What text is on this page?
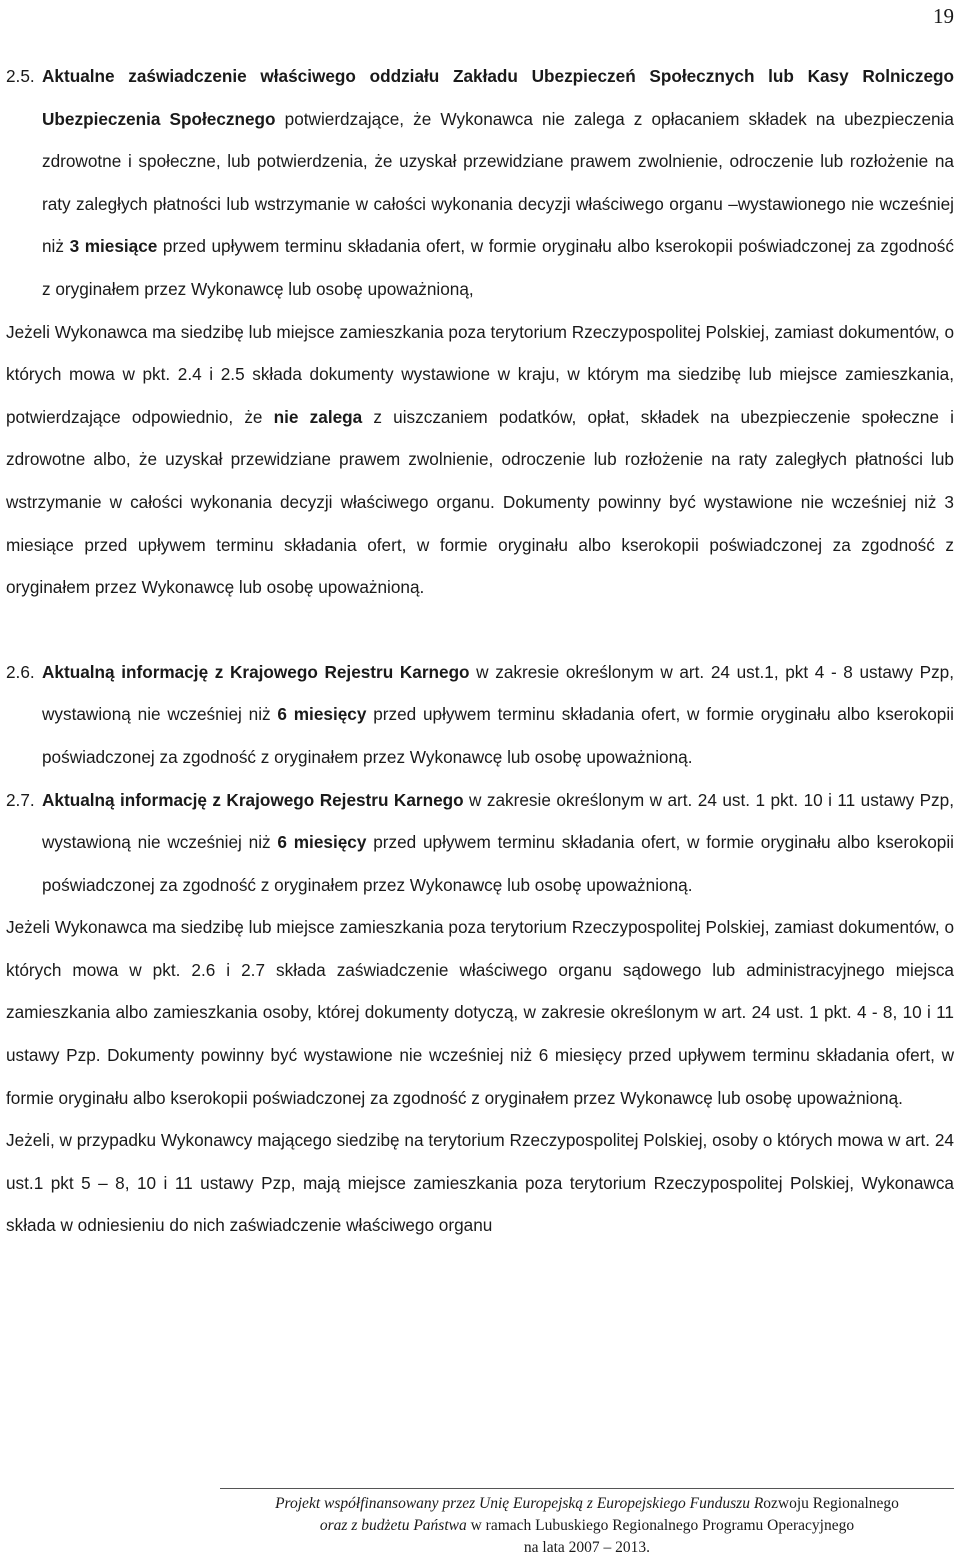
19
2.5. Aktualne zaświadczenie właściwego oddziału Zakładu Ubezpieczeń Społecznych lub Kasy Rolniczego Ubezpieczenia Społecznego potwierdzające, że Wykonawca nie zalega z opłacaniem składek na ubezpieczenia zdrowotne i społeczne, lub potwierdzenia, że uzyskał przewidziane prawem zwolnienie, odroczenie lub rozłożenie na raty zaległych płatności lub wstrzymanie w całości wykonania decyzji właściwego organu –wystawionego nie wcześniej niż 3 miesiące przed upływem terminu składania ofert, w formie oryginału albo kserokopii poświadczonej za zgodność z oryginałem przez Wykonawcę lub osobę upoważnioną,

Jeżeli Wykonawca ma siedzibę lub miejsce zamieszkania poza terytorium Rzeczypospolitej Polskiej, zamiast dokumentów, o których mowa w pkt. 2.4 i 2.5 składa dokumenty wystawione w kraju, w którym ma siedzibę lub miejsce zamieszkania, potwierdzające odpowiednio, że nie zalega z uiszczaniem podatków, opłat, składek na ubezpieczenie społeczne i zdrowotne albo, że uzyskał przewidziane prawem zwolnienie, odroczenie lub rozłożenie na raty zaległych płatności lub wstrzymanie w całości wykonania decyzji właściwego organu. Dokumenty powinny być wystawione nie wcześniej niż 3 miesiące przed upływem terminu składania ofert, w formie oryginału albo kserokopii poświadczonej za zgodność z oryginałem przez Wykonawcę lub osobę upoważnioną.

2.6. Aktualną informację z Krajowego Rejestru Karnego w zakresie określonym w art. 24 ust.1, pkt 4 - 8 ustawy Pzp, wystawioną nie wcześniej niż 6 miesięcy przed upływem terminu składania ofert, w formie oryginału albo kserokopii poświadczonej za zgodność z oryginałem przez Wykonawcę lub osobę upoważnioną.
2.7. Aktualną informację z Krajowego Rejestru Karnego w zakresie określonym w art. 24 ust. 1 pkt. 10 i 11 ustawy Pzp, wystawioną nie wcześniej niż 6 miesięcy przed upływem terminu składania ofert, w formie oryginału albo kserokopii poświadczonej za zgodność z oryginałem przez Wykonawcę lub osobę upoważnioną.

Jeżeli Wykonawca ma siedzibę lub miejsce zamieszkania poza terytorium Rzeczypospolitej Polskiej, zamiast dokumentów, o których mowa w pkt. 2.6 i 2.7 składa zaświadczenie właściwego organu sądowego lub administracyjnego miejsca zamieszkania albo zamieszkania osoby, której dokumenty dotyczą, w zakresie określonym w art. 24 ust. 1 pkt. 4 - 8, 10 i 11 ustawy Pzp. Dokumenty powinny być wystawione nie wcześniej niż 6 miesięcy przed upływem terminu składania ofert, w formie oryginału albo kserokopii poświadczonej za zgodność z oryginałem przez Wykonawcę lub osobę upoważnioną.

Jeżeli, w przypadku Wykonawcy mającego siedzibę na terytorium Rzeczypospolitej Polskiej, osoby o których mowa w art. 24 ust.1 pkt 5 – 8, 10 i 11 ustawy Pzp, mają miejsce zamieszkania poza terytorium Rzeczypospolitej Polskiej, Wykonawca składa w odniesieniu do nich zaświadczenie właściwego organu

Projekt współfinansowany przez Unię Europejską z Europejskiego Funduszu Rozwoju Regionalnego
oraz z budżetu Państwa w ramach Lubuskiego Regionalnego Programu Operacyjnego
na lata 2007 – 2013.
